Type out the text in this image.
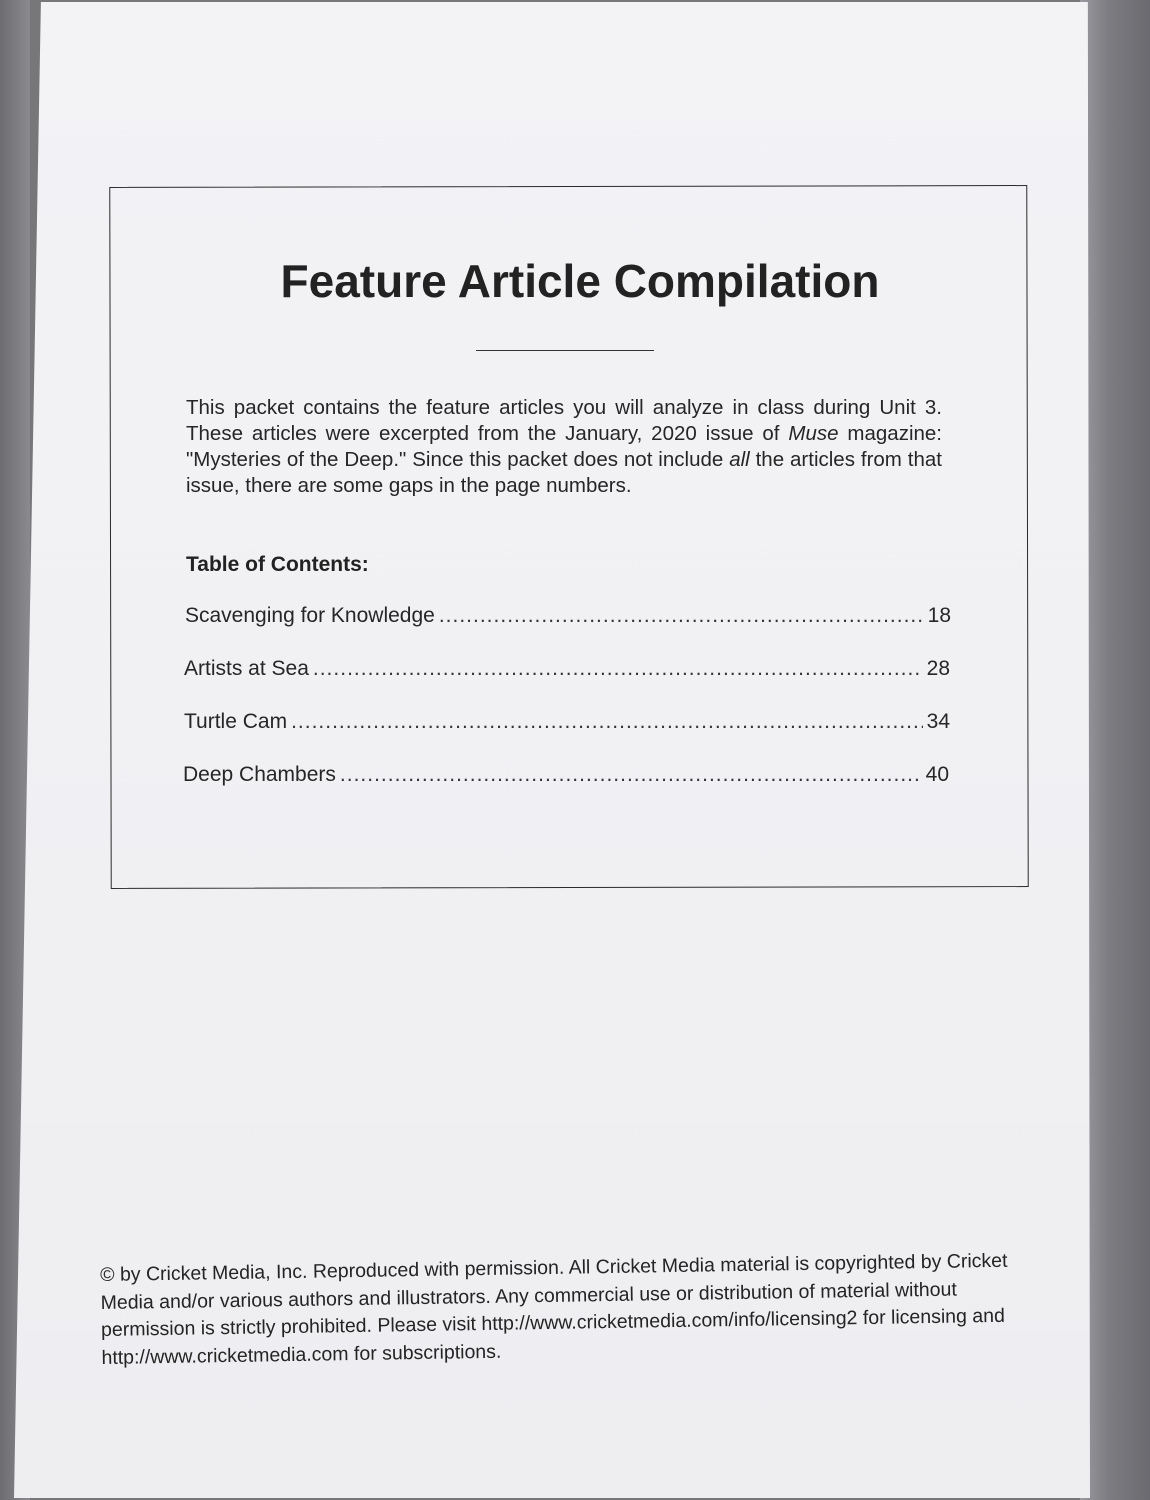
Feature Article Compilation

This packet contains the feature articles you will analyze in class during Unit 3. These articles were excerpted from the January, 2020 issue of Muse magazine: "Mysteries of the Deep." Since this packet does not include all the articles from that issue, there are some gaps in the page numbers.

Table of Contents:

Scavenging for Knowledge .....	18
Artists at Sea .....	28
Turtle Cam .....	34
Deep Chambers .....	40

© by Cricket Media, Inc. Reproduced with permission. All Cricket Media material is copyrighted by Cricket Media and/or various authors and illustrators. Any commercial use or distribution of material without permission is strictly prohibited. Please visit http://www.cricketmedia.com/info/licensing2 for licensing and http://www.cricketmedia.com for subscriptions.
